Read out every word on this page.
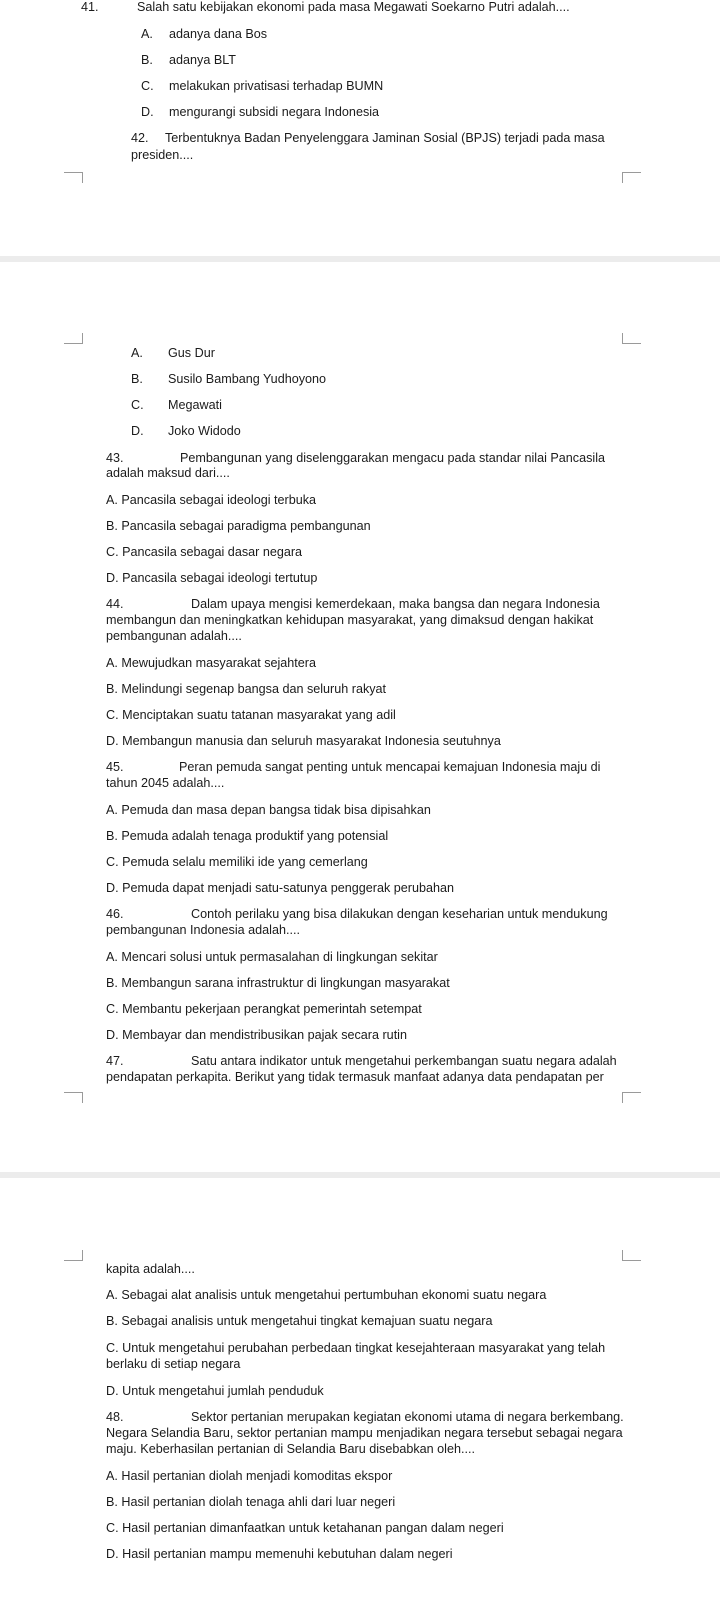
41.	Salah satu kebijakan ekonomi pada masa Megawati Soekarno Putri adalah....
A. adanya dana Bos
B. adanya BLT
C. melakukan privatisasi terhadap BUMN
D. mengurangi subsidi negara Indonesia
42. Terbentuknya Badan Penyelenggara Jaminan Sosial (BPJS) terjadi pada masa
presiden....
A. Gus Dur
B. Susilo Bambang Yudhoyono
C. Megawati
D. Joko Widodo
43.	Pembangunan yang diselenggarakan mengacu pada standar nilai Pancasila
adalah maksud dari....
A. Pancasila sebagai ideologi terbuka
B. Pancasila sebagai paradigma pembangunan
C. Pancasila sebagai dasar negara
D. Pancasila sebagai ideologi tertutup
44.	Dalam upaya mengisi kemerdekaan, maka bangsa dan negara Indonesia
membangun dan meningkatkan kehidupan masyarakat, yang dimaksud dengan hakikat
pembangunan adalah....
A. Mewujudkan masyarakat sejahtera
B. Melindungi segenap bangsa dan seluruh rakyat
C. Menciptakan suatu tatanan masyarakat yang adil
D. Membangun manusia dan seluruh masyarakat Indonesia seutuhnya
45.	Peran pemuda sangat penting untuk mencapai kemajuan Indonesia maju di
tahun 2045 adalah....
A. Pemuda dan masa depan bangsa tidak bisa dipisahkan
B. Pemuda adalah tenaga produktif yang potensial
C. Pemuda selalu memiliki ide yang cemerlang
D. Pemuda dapat menjadi satu-satunya penggerak perubahan
46.	Contoh perilaku yang bisa dilakukan dengan keseharian untuk mendukung
pembangunan Indonesia adalah....
A. Mencari solusi untuk permasalahan di lingkungan sekitar
B. Membangun sarana infrastruktur di lingkungan masyarakat
C. Membantu pekerjaan perangkat pemerintah setempat
D. Membayar dan mendistribusikan pajak secara rutin
47.	Satu antara indikator untuk mengetahui perkembangan suatu negara adalah
pendapatan perkapita. Berikut yang tidak termasuk manfaat adanya data pendapatan per
kapita adalah....
A. Sebagai alat analisis untuk mengetahui pertumbuhan ekonomi suatu negara
B. Sebagai analisis untuk mengetahui tingkat kemajuan suatu negara
C. Untuk mengetahui perubahan perbedaan tingkat kesejahteraan masyarakat yang telah
berlaku di setiap negara
D. Untuk mengetahui jumlah penduduk
48.	Sektor pertanian merupakan kegiatan ekonomi utama di negara berkembang.
Negara Selandia Baru, sektor pertanian mampu menjadikan negara tersebut sebagai negara
maju. Keberhasilan pertanian di Selandia Baru disebabkan oleh....
A. Hasil pertanian diolah menjadi komoditas ekspor
B. Hasil pertanian diolah tenaga ahli dari luar negeri
C. Hasil pertanian dimanfaatkan untuk ketahanan pangan dalam negeri
D. Hasil pertanian mampu memenuhi kebutuhan dalam negeri
